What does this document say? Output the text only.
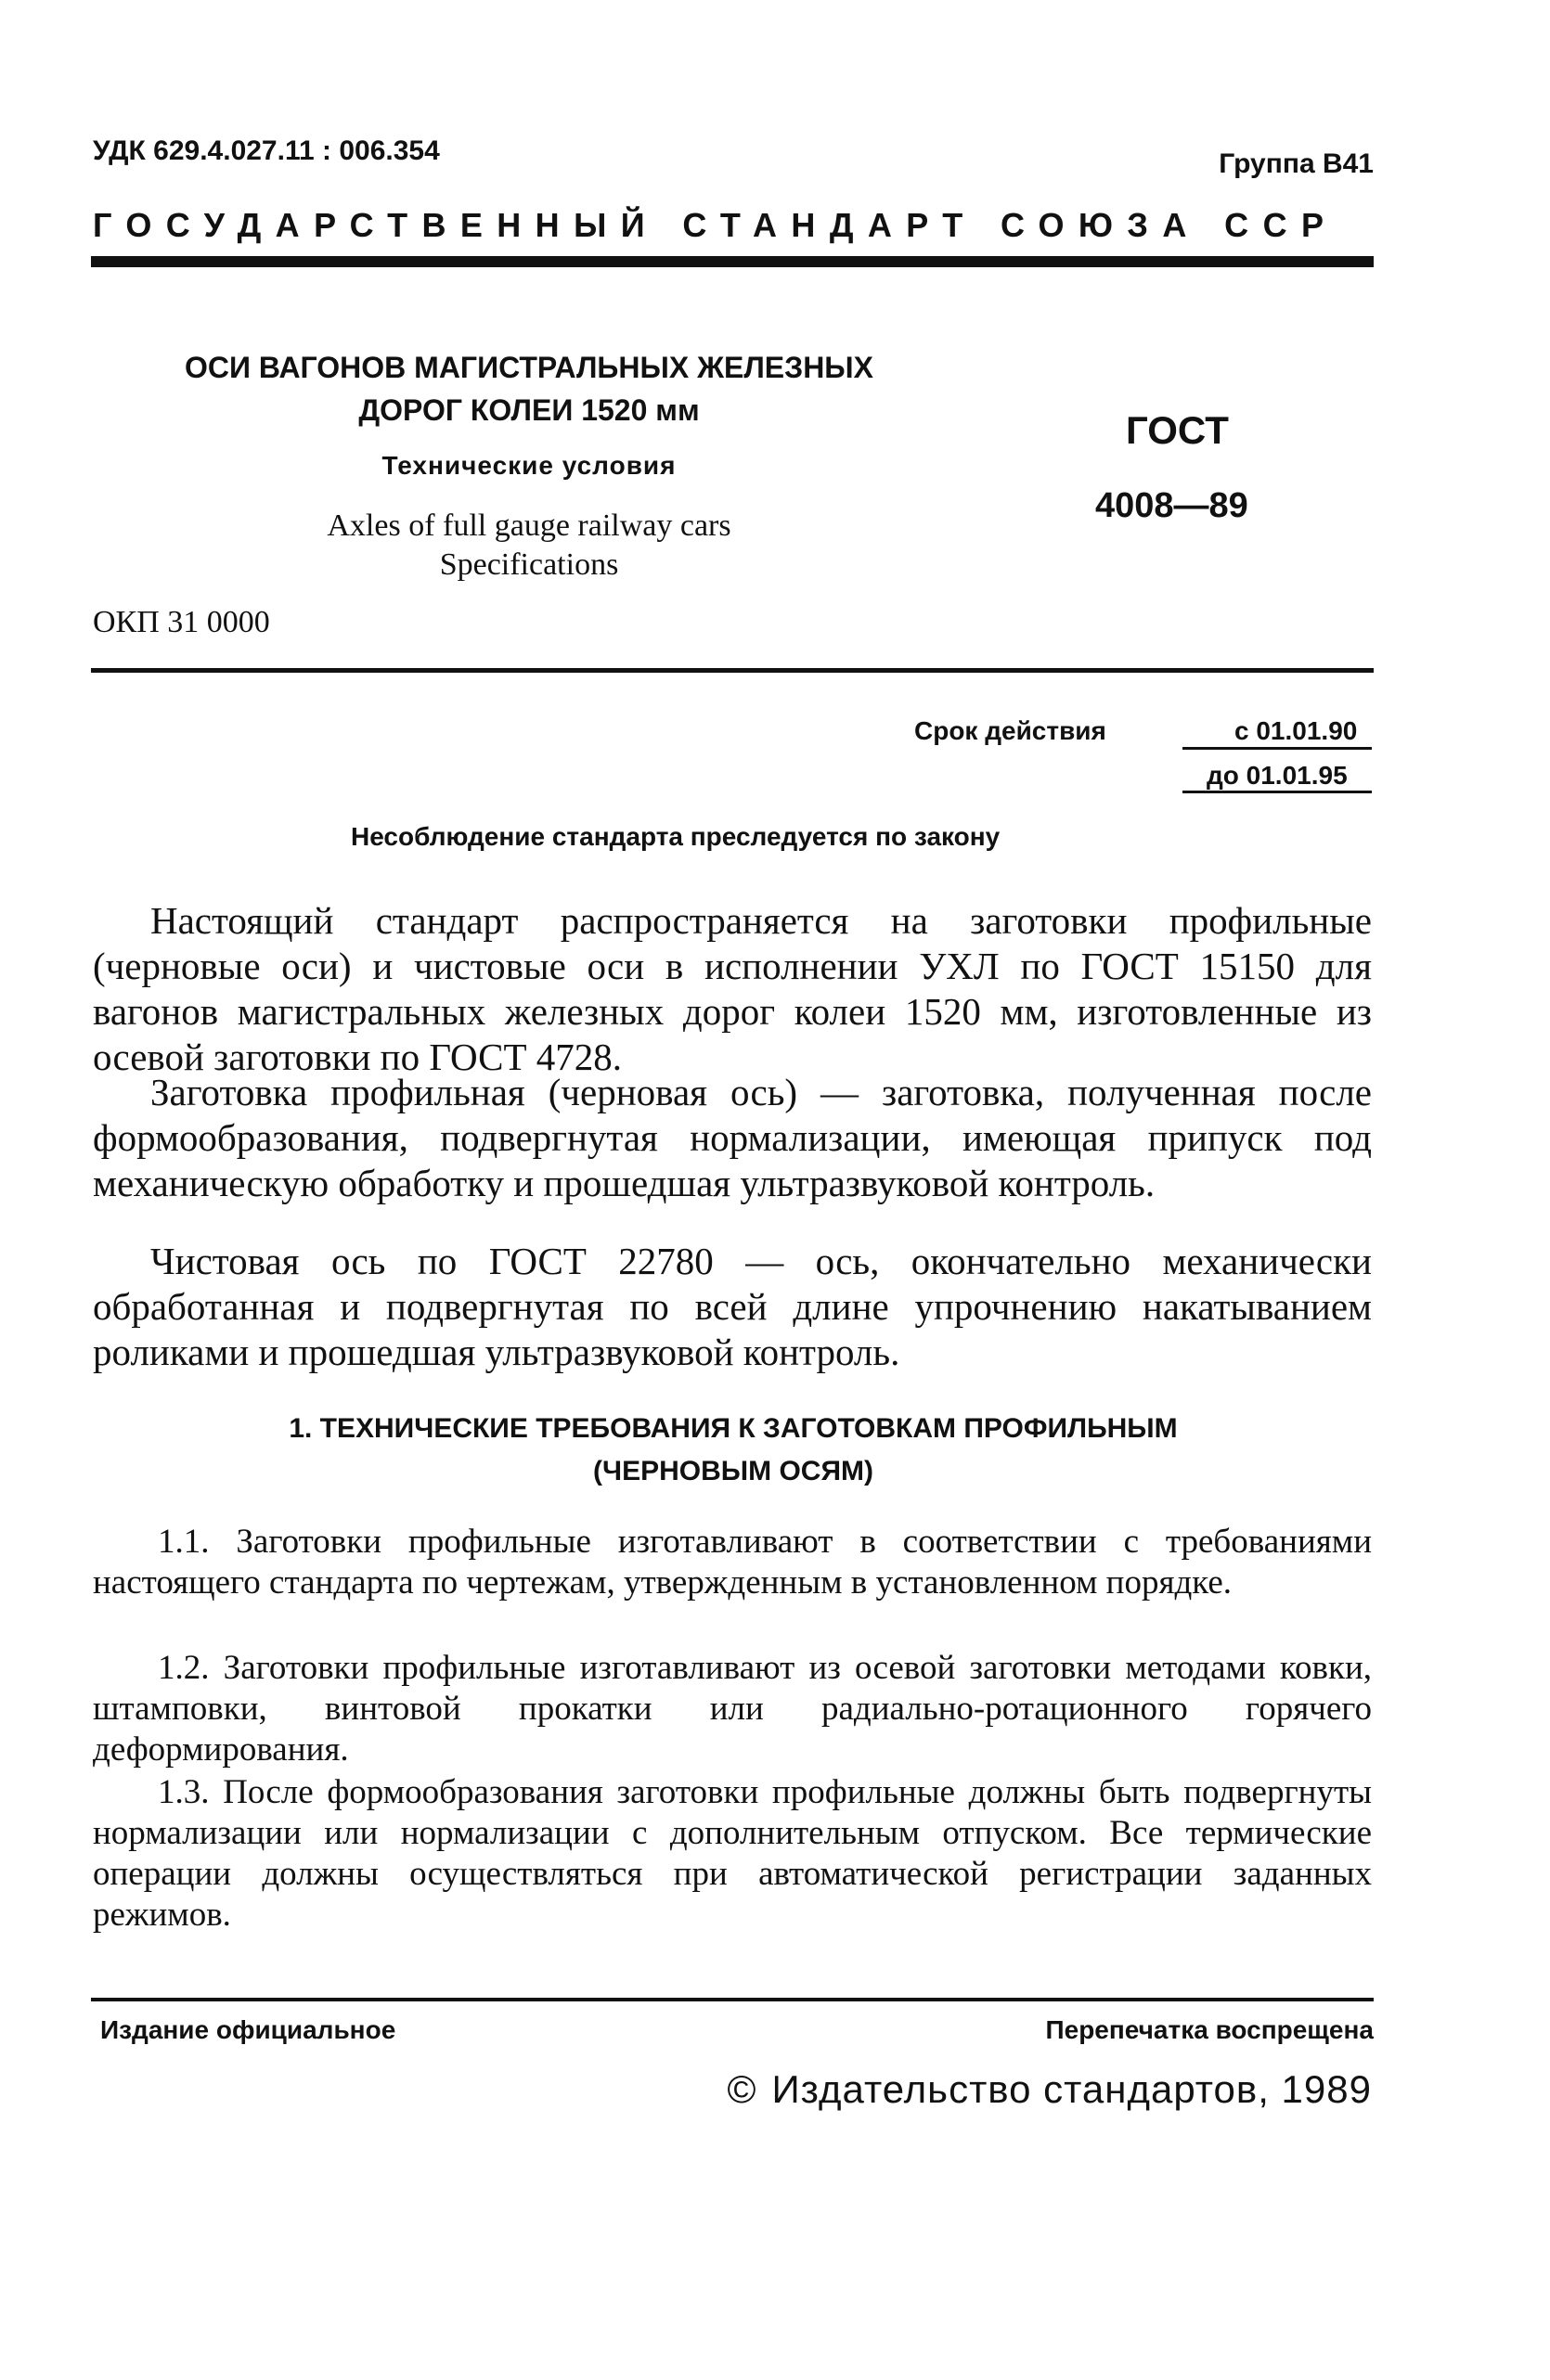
УДК 629.4.027.11 : 006.354	Группа В41
ГОСУДАРСТВЕННЫЙ СТАНДАРТ СОЮЗА ССР
ОСИ ВАГОНОВ МАГИСТРАЛЬНЫХ ЖЕЛЕЗНЫХ
ДОРОГ КОЛЕИ 1520 мм
Технические условия
Axles of full gauge railway cars
Specifications
ОКП 31 0000
ГОСТ
4008—89
Срок действия	с 01.01.90
до 01.01.95
Несоблюдение стандарта преследуется по закону

Настоящий стандарт распространяется на заготовки профильные (черновые оси) и чистовые оси в исполнении УХЛ по ГОСТ 15150 для вагонов магистральных железных дорог колеи 1520 мм, изготовленные из осевой заготовки по ГОСТ 4728.

Заготовка профильная (черновая ось) — заготовка, полученная после формообразования, подвергнутая нормализации, имеющая припуск под механическую обработку и прошедшая ультразвуковой контроль.

Чистовая ось по ГОСТ 22780 — ось, окончательно механически обработанная и подвергнутая по всей длине упрочнению накатыванием роликами и прошедшая ультразвуковой контроль.

1. ТЕХНИЧЕСКИЕ ТРЕБОВАНИЯ К ЗАГОТОВКАМ ПРОФИЛЬНЫМ
(ЧЕРНОВЫМ ОСЯМ)

1.1. Заготовки профильные изготавливают в соответствии с требованиями настоящего стандарта по чертежам, утвержденным в установленном порядке.

1.2. Заготовки профильные изготавливают из осевой заготовки методами ковки, штамповки, винтовой прокатки или радиально-ротационного горячего деформирования.

1.3. После формообразования заготовки профильные должны быть подвергнуты нормализации или нормализации с дополнительным отпуском. Все термические операции должны осуществляться при автоматической регистрации заданных режимов.

Издание официальное	Перепечатка воспрещена
© Издательство стандартов, 1989
